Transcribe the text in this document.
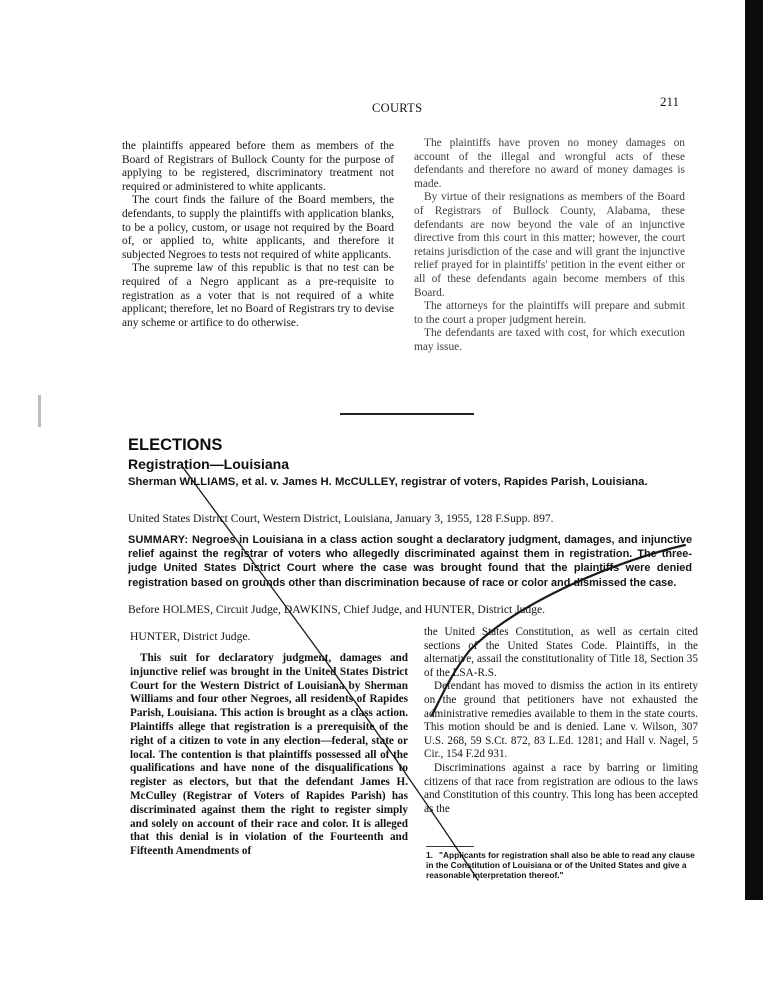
COURTS	211

the plaintiffs appeared before them as members of the Board of Registrars of Bullock County for the purpose of applying to be registered, discriminatory treatment not required or administered to white applicants.

The court finds the failure of the Board members, the defendants, to supply the plaintiffs with application blanks, to be a policy, custom, or usage not required by the Board of, or applied to, white applicants, and therefore it subjected Negroes to tests not required of white applicants.

The supreme law of this republic is that no test can be required of a Negro applicant as a pre-requisite to registration as a voter that is not required of a white applicant; therefore, let no Board of Registrars try to devise any scheme or artifice to do otherwise.

The plaintiffs have proven no money damages on account of the illegal and wrongful acts of these defendants and therefore no award of money damages is made.

By virtue of their resignations as members of the Board of Registrars of Bullock County, Alabama, these defendants are now beyond the vale of an injunctive directive from this court in this matter; however, the court retains jurisdiction of the case and will grant the injunctive relief prayed for in plaintiffs' petition in the event either or all of these defendants again become members of this Board.

The attorneys for the plaintiffs will prepare and submit to the court a proper judgment herein.

The defendants are taxed with cost, for which execution may issue.

ELECTIONS
Registration—Louisiana
Sherman WILLIAMS, et al. v. James H. McCULLEY, registrar of voters, Rapides Parish, Louisiana.
United States District Court, Western District, Louisiana, January 3, 1955, 128 F.Supp. 897.
SUMMARY: Negroes in Louisiana in a class action sought a declaratory judgment, damages, and injunctive relief against the registrar of voters who allegedly discriminated against them in registration. The three-judge United States District Court where the case was brought found that the plaintiffs were denied registration based on grounds other than discrimination because of race or color and dismissed the case.
Before HOLMES, Circuit Judge, DAWKINS, Chief Judge, and HUNTER, District Judge.
HUNTER, District Judge.

This suit for declaratory judgment, damages and injunctive relief was brought in the United States District Court for the Western District of Louisiana by Sherman Williams and four other Negroes, all residents of Rapides Parish, Louisiana. This action is brought as a class action. Plaintiffs allege that registration is a prerequisite of the right of a citizen to vote in any election—federal, state or local. The contention is that plaintiffs possessed all of the qualifications and have none of the disqualifications to register as electors, but that the defendant James H. McCulley (Registrar of Voters of Rapides Parish) has discriminated against them the right to register simply and solely on account of their race and color. It is alleged that this denial is in violation of the Fourteenth and Fifteenth Amendments of

the United States Constitution, as well as certain cited sections of the United States Code. Plaintiffs, in the alternative, assail the constitutionality of Title 18, Section 35 of the LSA-R.S.

Defendant has moved to dismiss the action in its entirety on the ground that petitioners have not exhausted the administrative remedies available to them in the state courts. This motion should be and is denied. Lane v. Wilson, 307 U.S. 268, 59 S.Ct. 872, 83 L.Ed. 1281; and Hall v. Nagel, 5 Cir., 154 F.2d 931.

Discriminations against a race by barring or limiting citizens of that race from registration are odious to the laws and Constitution of this country. This long has been accepted as the

1. "Applicants for registration shall also be able to read any clause in the Constitution of Louisiana or of the United States and give a reasonable interpretation thereof."
